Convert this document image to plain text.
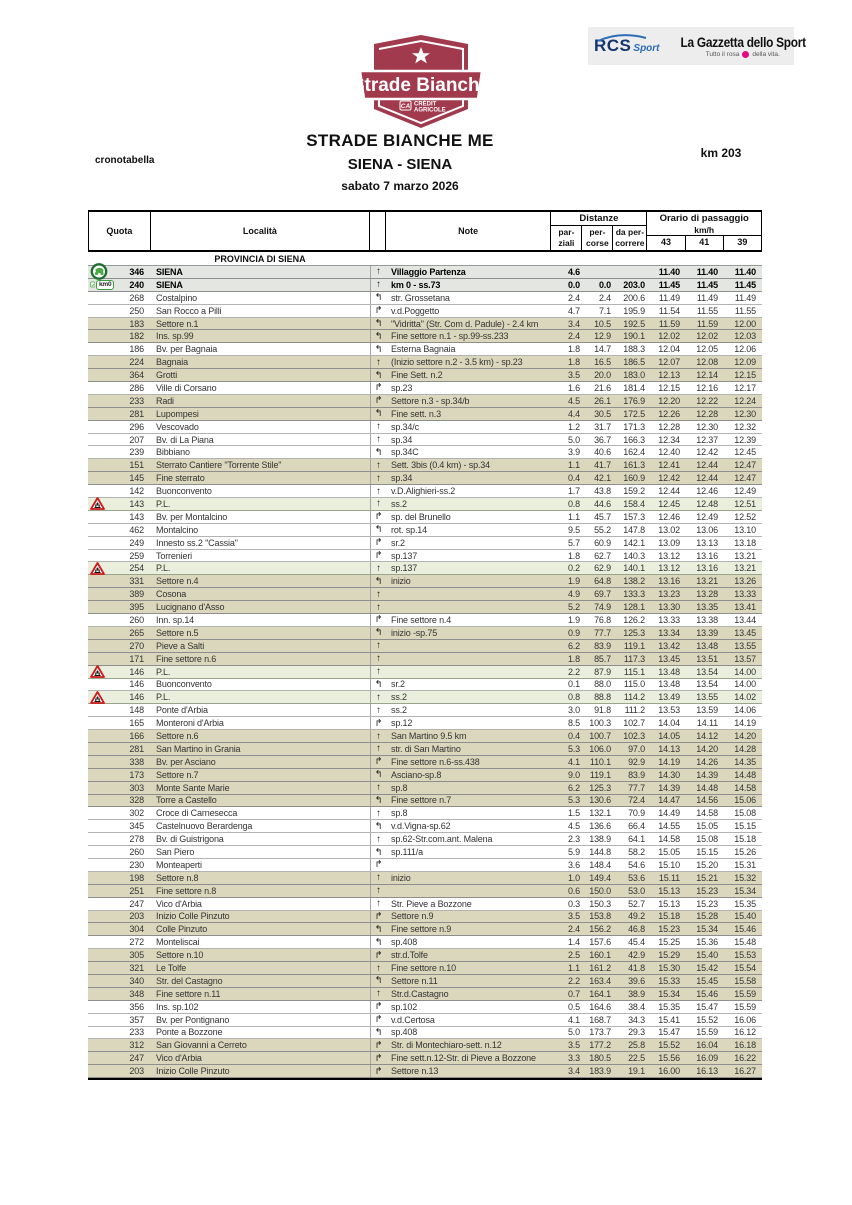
Strade Bianche
CA CRÉDIT
AGRICOLE
RCS Sport La Gazzetta dello Sport
Tutto il rosa della vita.
cronotabella
STRADE BIANCHE ME
SIENA - SIENA
sabato 7 marzo 2026
km 203
Quota	Località	Note
Distanze
par-
ziali
per-
corse
da per-
correre
Orario di passaggio
km/h
43	41	39
PROVINCIA DI SIENA
346	SIENA	↑	Villaggio Partenza	4.6	11.40	11.40	11.40
km0	240	SIENA	↑	km 0 - ss.73	0.0	0.0	203.0	11.45	11.45	11.45
268	Costalpino	↰ str. Grossetana	2.4	2.4	200.6	11.49	11.49	11.49
250	San Rocco a Pilli	↱ v.d.Poggetto	4.7	7.1	195.9	11.54	11.55	11.55
183	Settore n.1	↰ "Vidritta" (Str. Com d. Padule) - 2.4 km	3.4	10.5	192.5	11.59	11.59	12.00
182	Ins. sp.99	↰ Fine settore n.1 - sp.99-ss.233	2.4	12.9	190.1	12.02	12.02	12.03
186	Bv. per Bagnaia	↰ Esterna Bagnaia	1.8	14.7	188.3	12.04	12.05	12.06
224	Bagnaia	↑	(Inizio settore n.2 - 3.5 km) - sp.23	1.8	16.5	186.5	12.07	12.08	12.09
364	Grotti	↰ Fine Sett. n.2	3.5	20.0	183.0	12.13	12.14	12.15
286	Ville di Corsano	↱ sp.23	1.6	21.6	181.4	12.15	12.16	12.17
233	Radi	↱ Settore n.3 - sp.34/b	4.5	26.1	176.9	12.20	12.22	12.24
281	Lupompesi	↰ Fine sett. n.3	4.4	30.5	172.5	12.26	12.28	12.30
296	Vescovado	↑	sp.34/c	1.2	31.7	171.3	12.28	12.30	12.32
207	Bv. di La Piana	↑	sp.34	5.0	36.7	166.3	12.34	12.37	12.39
239	Bibbiano	↰ sp.34C	3.9	40.6	162.4	12.40	12.42	12.45
151	Sterrato Cantiere "Torrente Stile"	↑	Sett. 3bis (0.4 km) - sp.34	1.1	41.7	161.3	12.41	12.44	12.47
145	Fine sterrato	↑	sp.34	0.4	42.1	160.9	12.42	12.44	12.47
142	Buonconvento	↑	v.D.Alighieri-ss.2	1.7	43.8	159.2	12.44	12.46	12.49
143	P.L.	↑	ss.2	0.8	44.6	158.4	12.45	12.48	12.51
143	Bv. per Montalcino	↱ sp. del Brunello	1.1	45.7	157.3	12.46	12.49	12.52
462	Montalcino	↰ rot. sp.14	9.5	55.2	147.8	13.02	13.06	13.10
249	Innesto ss.2 "Cassia"	↱ sr.2	5.7	60.9	142.1	13.09	13.13	13.18
259	Torrenieri	↱ sp.137	1.8	62.7	140.3	13.12	13.16	13.21
254	P.L.	↑	sp.137	0.2	62.9	140.1	13.12	13.16	13.21
331	Settore n.4	↰ inizio	1.9	64.8	138.2	13.16	13.21	13.26
389	Cosona	↑	4.9	69.7	133.3	13.23	13.28	13.33
395	Lucignano d'Asso	↑	5.2	74.9	128.1	13.30	13.35	13.41
260	Inn. sp.14	↱ Fine settore n.4	1.9	76.8	126.2	13.33	13.38	13.44
265	Settore n.5	↰ inizio -sp.75	0.9	77.7	125.3	13.34	13.39	13.45
270	Pieve a Salti	↑	6.2	83.9	119.1	13.42	13.48	13.55
171	Fine settore n.6	↑	1.8	85.7	117.3	13.45	13.51	13.57
146	P.L.	↑	2.2	87.9	115.1	13.48	13.54	14.00
146	Buonconvento	↰ sr.2	0.1	88.0	115.0	13.48	13.54	14.00
146	P.L.	↑	ss.2	0.8	88.8	114.2	13.49	13.55	14.02
148	Ponte d'Arbia	↑	ss.2	3.0	91.8	111.2	13.53	13.59	14.06
165	Monteroni d'Arbia	↱ sp.12	8.5	100.3	102.7	14.04	14.11	14.19
166	Settore n.6	↑	San Martino 9.5 km	0.4	100.7	102.3	14.05	14.12	14.20
281	San Martino in Grania	↑	str. di San Martino	5.3	106.0	97.0	14.13	14.20	14.28
338	Bv. per Asciano	↱ Fine settore n.6-ss.438	4.1	110.1	92.9	14.19	14.26	14.35
173	Settore n.7	↰ Asciano-sp.8	9.0	119.1	83.9	14.30	14.39	14.48
303	Monte Sante Marie	↑	sp.8	6.2	125.3	77.7	14.39	14.48	14.58
328	Torre a Castello	↰ Fine settore n.7	5.3	130.6	72.4	14.47	14.56	15.06
302	Croce di Carnesecca	↑	sp.8	1.5	132.1	70.9	14.49	14.58	15.08
345	Castelnuovo Berardenga	↰ v.d.Vigna-sp.62	4.5	136.6	66.4	14.55	15.05	15.15
278	Bv. di Guistrigona	↑	sp.62-Str.com.ant. Malena	2.3	138.9	64.1	14.58	15.08	15.18
260	San Piero	↰ sp.111/a	5.9	144.8	58.2	15.05	15.15	15.26
230	Monteaperti	↱	3.6	148.4	54.6	15.10	15.20	15.31
198	Settore n.8	↑	inizio	1.0	149.4	53.6	15.11	15.21	15.32
251	Fine settore n.8	↑	0.6	150.0	53.0	15.13	15.23	15.34
247	Vico d'Arbia	↑	Str. Pieve a Bozzone	0.3	150.3	52.7	15.13	15.23	15.35
203	Inizio Colle Pinzuto	↱ Settore n.9	3.5	153.8	49.2	15.18	15.28	15.40
304	Colle Pinzuto	↰ Fine settore n.9	2.4	156.2	46.8	15.23	15.34	15.46
272	Monteliscai	↰ sp.408	1.4	157.6	45.4	15.25	15.36	15.48
305	Settore n.10	↱ str.d.Tolfe	2.5	160.1	42.9	15.29	15.40	15.53
321	Le Tolfe	↑	Fine settore n.10	1.1	161.2	41.8	15.30	15.42	15.54
340	Str. del Castagno	↰ Settore n.11	2.2	163.4	39.6	15.33	15.45	15.58
348	Fine settore n.11	↑	Str.d.Castagno	0.7	164.1	38.9	15.34	15.46	15.59
356	Ins. sp.102	↱ sp.102	0.5	164.6	38.4	15.35	15.47	15.59
357	Bv. per Pontignano	↱ v.d.Certosa	4.1	168.7	34.3	15.41	15.52	16.06
233	Ponte a Bozzone	↰ sp.408	5.0	173.7	29.3	15.47	15.59	16.12
312	San Giovanni a Cerreto	↱ Str. di Montechiaro-sett. n.12	3.5	177.2	25.8	15.52	16.04	16.18
247	Vico d'Arbia	↱ Fine sett.n.12-Str. di Pieve a Bozzone	3.3	180.5	22.5	15.56	16.09	16.22
203	Inizio Colle Pinzuto	↱ Settore n.13	3.4	183.9	19.1	16.00	16.13	16.27
